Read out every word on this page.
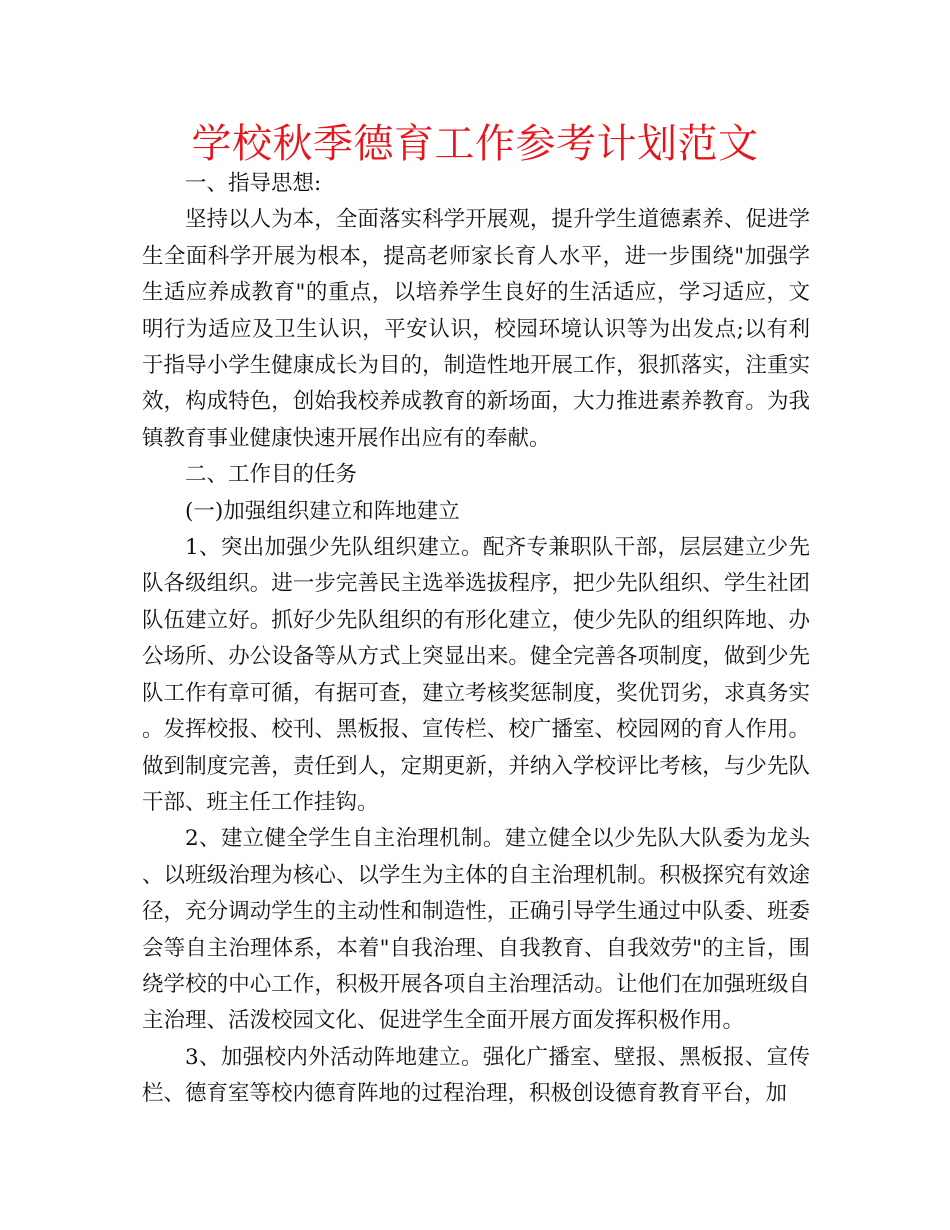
学校秋季德育工作参考计划范文

一、指导思想:

坚持以人为本，全面落实科学开展观，提升学生道德素养、促进学生全面科学开展为根本，提高老师家长育人水平，进一步围绕"加强学生适应养成教育"的重点，以培养学生良好的生活适应，学习适应，文明行为适应及卫生认识，平安认识，校园环境认识等为出发点;以有利于指导小学生健康成长为目的，制造性地开展工作，狠抓落实，注重实效，构成特色，创始我校养成教育的新场面，大力推进素养教育。为我镇教育事业健康快速开展作出应有的奉献。

二、工作目的任务

(一)加强组织建立和阵地建立

1、突出加强少先队组织建立。配齐专兼职队干部，层层建立少先队各级组织。进一步完善民主选举选拔程序，把少先队组织、学生社团队伍建立好。抓好少先队组织的有形化建立，使少先队的组织阵地、办公场所、办公设备等从方式上突显出来。健全完善各项制度，做到少先队工作有章可循，有据可查，建立考核奖惩制度，奖优罚劣，求真务实。发挥校报、校刊、黑板报、宣传栏、校广播室、校园网的育人作用。做到制度完善，责任到人，定期更新，并纳入学校评比考核，与少先队干部、班主任工作挂钩。

2、建立健全学生自主治理机制。建立健全以少先队大队委为龙头、以班级治理为核心、以学生为主体的自主治理机制。积极探究有效途径，充分调动学生的主动性和制造性，正确引导学生通过中队委、班委会等自主治理体系，本着"自我治理、自我教育、自我效劳"的主旨，围绕学校的中心工作，积极开展各项自主治理活动。让他们在加强班级自主治理、活泼校园文化、促进学生全面开展方面发挥积极作用。

3、加强校内外活动阵地建立。强化广播室、壁报、黑板报、宣传栏、德育室等校内德育阵地的过程治理，积极创设德育教育平台，加
